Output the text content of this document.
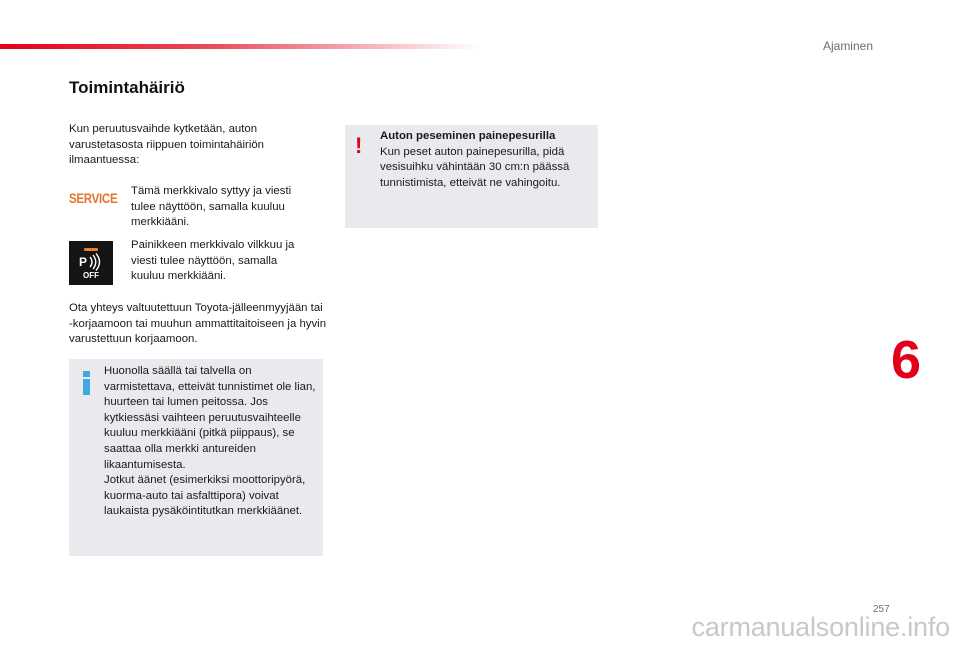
Ajaminen
Toimintahäiriö

Kun peruutusvaihde kytketään, auton varustetasosta riippuen toimintahäiriön ilmaantuessa:

SERVICE Tämä merkkivalo syttyy ja viesti tulee näyttöön, samalla kuuluu merkkiääni.

P
OFF

Painikkeen merkkivalo vilkkuu ja viesti tulee näyttöön, samalla kuuluu merkkiääni.

Ota yhteys valtuutettuun Toyota-jälleenmyyjään tai -korjaamoon tai muuhun ammattitaitoiseen ja hyvin varustettuun korjaamoon.

Huonolla säällä tai talvella on varmistettava, etteivät tunnistimet ole lian, huurteen tai lumen peitossa. Jos kytkiessäsi vaihteen peruutusvaihteelle kuuluu merkkiääni (pitkä piippaus), se saattaa olla merkki antureiden likaantumisesta.
Jotkut äänet (esimerkiksi moottoripyörä, kuorma-auto tai asfalttipora) voivat laukaista pysäköintitutkan merkkiäänet.

! Auton peseminen painepesurilla

Kun peset auton painepesurilla, pidä vesisuihku vähintään 30 cm:n päässä tunnistimista, etteivät ne vahingoitu.

6
257
carmanualsonline.info
